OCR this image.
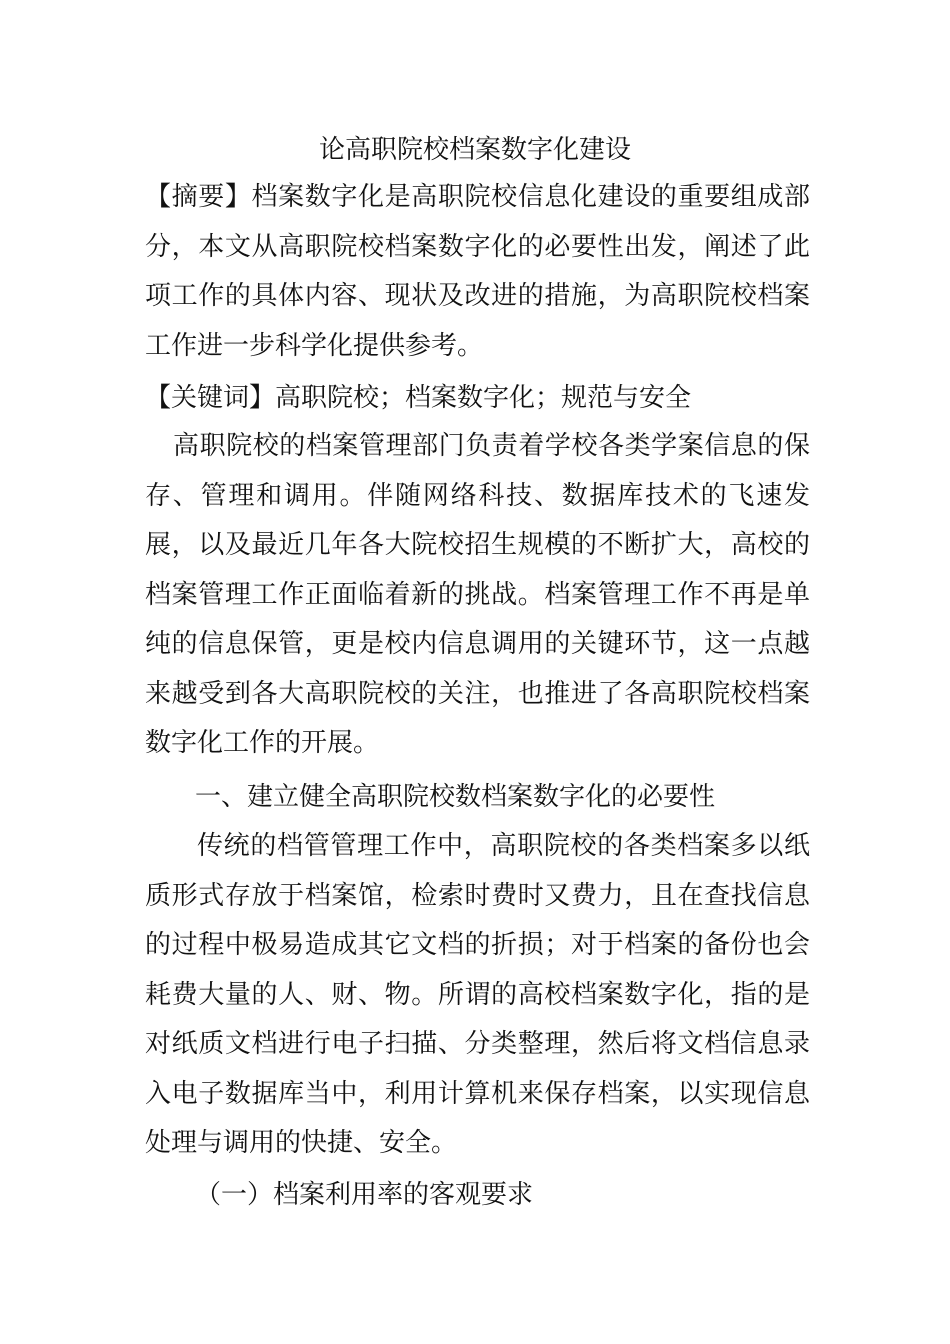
论高职院校档案数字化建设

【摘要】档案数字化是高职院校信息化建设的重要组成部分，本文从高职院校档案数字化的必要性出发，阐述了此项工作的具体内容、现状及改进的措施，为高职院校档案工作进一步科学化提供参考。

【关键词】高职院校；档案数字化；规范与安全

高职院校的档案管理部门负责着学校各类学案信息的保存、管理和调用。伴随网络科技、数据库技术的飞速发展，以及最近几年各大院校招生规模的不断扩大，高校的档案管理工作正面临着新的挑战。档案管理工作不再是单纯的信息保管，更是校内信息调用的关键环节，这一点越来越受到各大高职院校的关注，也推进了各高职院校档案数字化工作的开展。

一、建立健全高职院校数档案数字化的必要性

传统的档管管理工作中，高职院校的各类档案多以纸质形式存放于档案馆，检索时费时又费力，且在查找信息的过程中极易造成其它文档的折损；对于档案的备份也会耗费大量的人、财、物。所谓的高校档案数字化，指的是对纸质文档进行电子扫描、分类整理，然后将文档信息录入电子数据库当中，利用计算机来保存档案，以实现信息处理与调用的快捷、安全。

（一）档案利用率的客观要求
